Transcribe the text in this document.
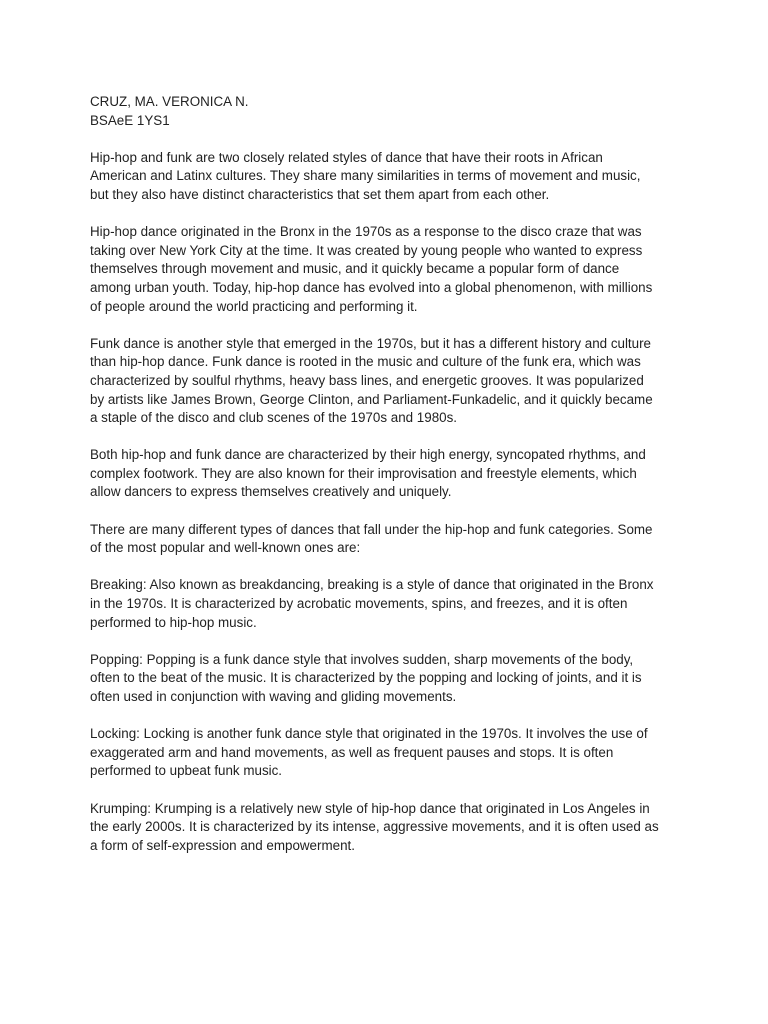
CRUZ, MA. VERONICA N.
BSAeE 1YS1

Hip-hop and funk are two closely related styles of dance that have their roots in African
American and Latinx cultures. They share many similarities in terms of movement and music,
but they also have distinct characteristics that set them apart from each other.

Hip-hop dance originated in the Bronx in the 1970s as a response to the disco craze that was
taking over New York City at the time. It was created by young people who wanted to express
themselves through movement and music, and it quickly became a popular form of dance
among urban youth. Today, hip-hop dance has evolved into a global phenomenon, with millions
of people around the world practicing and performing it.

Funk dance is another style that emerged in the 1970s, but it has a different history and culture
than hip-hop dance. Funk dance is rooted in the music and culture of the funk era, which was
characterized by soulful rhythms, heavy bass lines, and energetic grooves. It was popularized
by artists like James Brown, George Clinton, and Parliament-Funkadelic, and it quickly became
a staple of the disco and club scenes of the 1970s and 1980s.

Both hip-hop and funk dance are characterized by their high energy, syncopated rhythms, and
complex footwork. They are also known for their improvisation and freestyle elements, which
allow dancers to express themselves creatively and uniquely.

There are many different types of dances that fall under the hip-hop and funk categories. Some
of the most popular and well-known ones are:

Breaking: Also known as breakdancing, breaking is a style of dance that originated in the Bronx
in the 1970s. It is characterized by acrobatic movements, spins, and freezes, and it is often
performed to hip-hop music.

Popping: Popping is a funk dance style that involves sudden, sharp movements of the body,
often to the beat of the music. It is characterized by the popping and locking of joints, and it is
often used in conjunction with waving and gliding movements.

Locking: Locking is another funk dance style that originated in the 1970s. It involves the use of
exaggerated arm and hand movements, as well as frequent pauses and stops. It is often
performed to upbeat funk music.

Krumping: Krumping is a relatively new style of hip-hop dance that originated in Los Angeles in
the early 2000s. It is characterized by its intense, aggressive movements, and it is often used as
a form of self-expression and empowerment.
